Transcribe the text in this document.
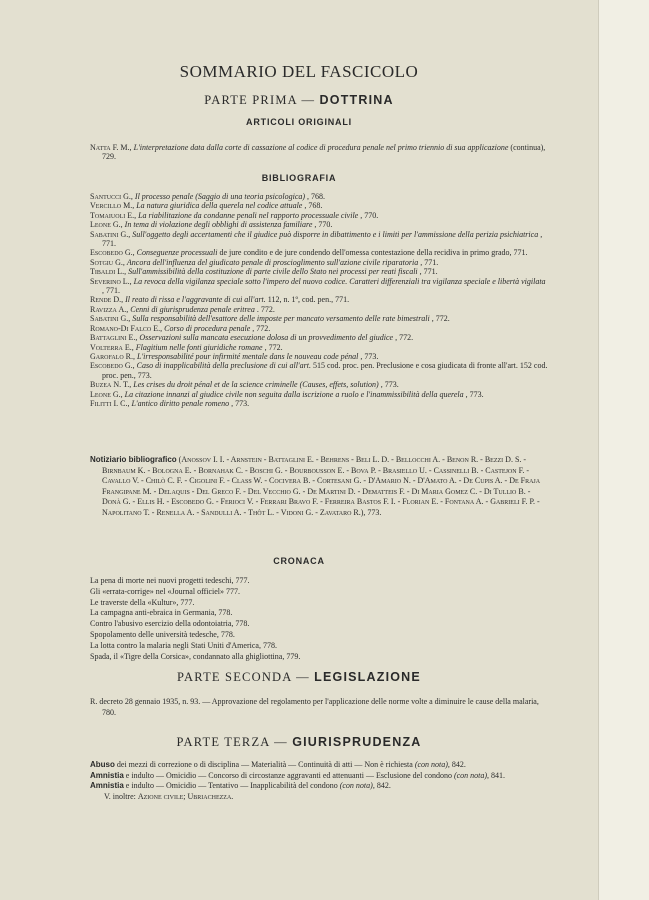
SOMMARIO DEL FASCICOLO
PARTE PRIMA — DOTTRINA
ARTICOLI ORIGINALI

Natta F. M., L'interpretazione data dalla corte di cassazione al codice di procedura penale nel primo triennio di sua applicazione (continua), 729.

BIBLIOGRAFIA

Santucci G., Il processo penale (Saggio di una teoria psicologica) , 768.

Vercillo M., La natura giuridica della querela nel codice attuale , 768.

Tomaiuoli E., La riabilitazione da condanne penali nel rapporto processuale civile , 770.

Leone G., In tema di violazione degli obblighi di assistenza familiare , 770.

Sabatini G., Sull'oggetto degli accertamenti che il giudice può disporre in dibattimento e i limiti per l'ammissione della perizia psichiatrica , 771.

Escobedo G., Conseguenze processuali de jure condito e de jure condendo dell'omessa contestazione della recidiva in primo grado, 771.

Sotgiu G., Ancora dell'influenza del giudicato penale di proscioglimento sull'azione civile riparatoria , 771.

Tibaldi L., Sull'ammissibilità della costituzione di parte civile dello Stato nei processi per reati fiscali , 771.

Severino L., La revoca della vigilanza speciale sotto l'impero del nuovo codice. Caratteri differenziali tra vigilanza speciale e libertà vigilata , 771.

Rende D., Il reato di rissa e l'aggravante di cui all'art. 112, n. 1º, cod. pen., 771.

Ravizza A., Cenni di giurisprudenza penale eritrea . 772.

Sabatini G., Sulla responsabilità dell'esattore delle imposte per mancato versamento delle rate bimestrali , 772.

Romano-Di Falco E., Corso di procedura penale , 772.

Battaglini E., Osservazioni sulla mancata esecuzione dolosa di un provvedimento del giudice , 772.

Volterra E., Flagitium nelle fonti giuridiche romane , 772.

Garofalo R., L'irresponsabilité pour infirmité mentale dans le nouveau code pénal , 773.

Escobedo G., Caso di inapplicabilità della preclusione di cui all'art. 515 cod. proc. pen. Preclusione e cosa giudicata di fronte all'art. 152 cod. proc. pen., 773.

Buzea N. T., Les crises du droit pénal et de la science criminelle (Causes, effets, solution) , 773.

Leone G., La citazione innanzi al giudice civile non seguita dalla iscrizione a ruolo e l'inammissibilità della querela , 773.

Filitti I. C., L'antico diritto penale romeno , 773.

Notiziario bibliografico (Anossov I. I. - Arnstein - Battaglini E. - Behrens - Beli L. D. - Bellocchi A. - Benon R. - Bezzi D. S. - Birnbaum K. - Bologna E. - Bornahak C. - Boschi G. - Bourbousson E. - Bova P. - Brasiello U. - Cassinelli B. - Castejon F. - Cavallo V. - Chilò C. F. - Cigolini F. - Class W. - Cocivera B. - Cortesani G. - D'Amario N. - D'Amato A. - De Cupis A. - De Fraja Frangipane M. - Delaquis - Del Greco F. - Del Vecchio G. - De Martini D. - Dematteis F. - Di Maria Gomez C. - Di Tullio B. - Donà G. - Ellis H. - Escobedo G. - Ferioci V. - Ferrari Bravo F. - Ferreira Bastos F. I. - Florian E. - Fontana A. - Gabrieli F. P. - Napolitano T. - Renella A. - Sandulli A. - Thôt L. - Vidoni G. - Zavataro R.), 773.
CRONACA

La pena di morte nei nuovi progetti tedeschi, 777.

Gli «errata-corrige» nel «Journal officiel» 777.

Le traverste della «Kultur», 777.

La campagna anti-ebraica in Germania, 778.

Contro l'abusivo esercizio della odontoiatria, 778.

Spopolamento delle università tedesche, 778.

La lotta contro la malaria negli Stati Uniti d'America, 778.

Spada, il «Tigre della Corsica», condannato alla ghigliottina, 779.

PARTE SECONDA — LEGISLAZIONE

R. decreto 28 gennaio 1935, n. 93. — Approvazione del regolamento per l'applicazione delle norme volte a diminuire le cause della malaria, 780.

PARTE TERZA — GIURISPRUDENZA

Abuso dei mezzi di correzione o di disciplina — Materialità — Continuità di atti — Non è richiesta (con nota), 842.

Amnistia e indulto — Omicidio — Concorso di circostanze aggravanti ed attenuanti — Esclusione del condono (con nota), 841.

Amnistia e indulto — Omicidio — Tentativo — Inapplicabilità del condono (con nota), 842.

V. inoltre: Azione civile; Ubriachezza.
